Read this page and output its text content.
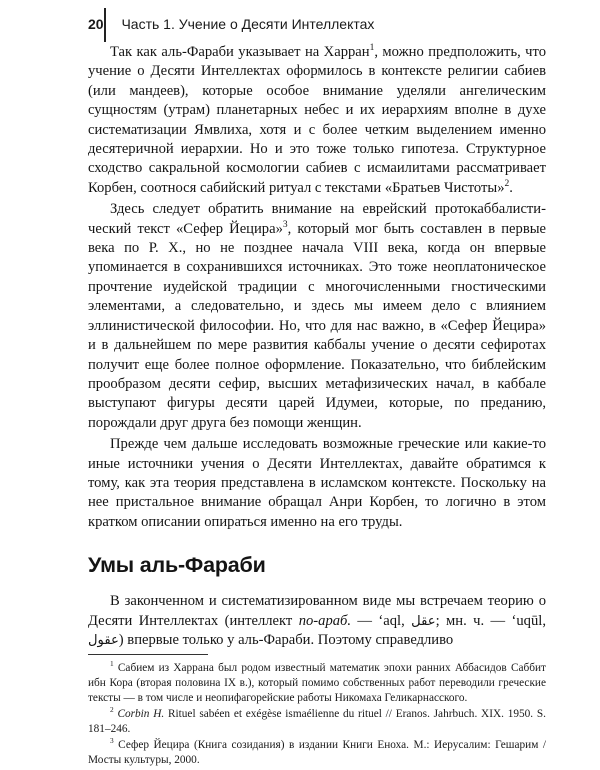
20 Часть 1. Учение о Десяти Интеллектах

Так как аль-Фараби указывает на Харран$^1$, можно предположить, что учение о Десяти Интеллектах оформилось в контексте религии сабиев (или мандеев), которые особое внимание уделяли ангелическим сущностям (утрам) планетарных небес и их иерархиям вполне в духе систематизации Ямвлиха, хотя и с более четким выделением именно десятеричной иерархии. Но и это тоже только гипотеза. Структурное сходство сакральной космологии сабиев с исмаилитами рассматривает Корбен, соотнося сабийский ритуал с текстами «Братьев Чистоты»$^2$.

Здесь следует обратить внимание на еврейский протокаббалистический текст «Сефер Йецира»$^3$, который мог быть составлен в первые века по Р. Х., но не позднее начала VIII века, когда он впервые упоминается в сохранившихся источниках. Это тоже неоплатоническое прочтение иудейской традиции с многочисленными гностическими элементами, а следовательно, и здесь мы имеем дело с влиянием эллинистической философии. Но, что для нас важно, в «Сефер Йецира» и в дальнейшем по мере развития каббалы учение о десяти сефиротах получит еще более полное оформление. Показательно, что библейским прообразом десяти сефир, высших метафизических начал, в каббале выступают фигуры десяти царей Идумеи, которые, по преданию, порождали друг друга без помощи женщин.

Прежде чем дальше исследовать возможные греческие или какие-то иные источники учения о Десяти Интеллектах, давайте обратимся к тому, как эта теория представлена в исламском контексте. Поскольку на нее пристальное внимание обращал Анри Корбен, то логично в этом кратком описании опираться именно на его труды.

Умы аль-Фараби

В законченном и систематизированном виде мы встречаем теорию о Десяти Интеллектах (интеллект по-араб. — ‘aql, عقل; мн. ч. — ‘uqūl, عقول) впервые только у аль-Фараби. Поэтому справедливо

$^1$ Сабием из Харрана был родом известный математик эпохи ранних Аббасидов Саббит ибн Кора (вторая половина IX в.), который помимо собственных работ переводили греческие тексты — в том числе и неопифагорейские работы Никомаха Геликарнасского.

$^2$ Corbin H. Rituel sabéen et exégèse ismaélienne du rituel // Eranos. Jahrbuch. XIX. 1950. S. 181–246.

$^3$ Сефер Йецира (Книга созидания) в издании Книги Еноха. М.: Иерусалим: Гешарим / Мосты культуры, 2000.
